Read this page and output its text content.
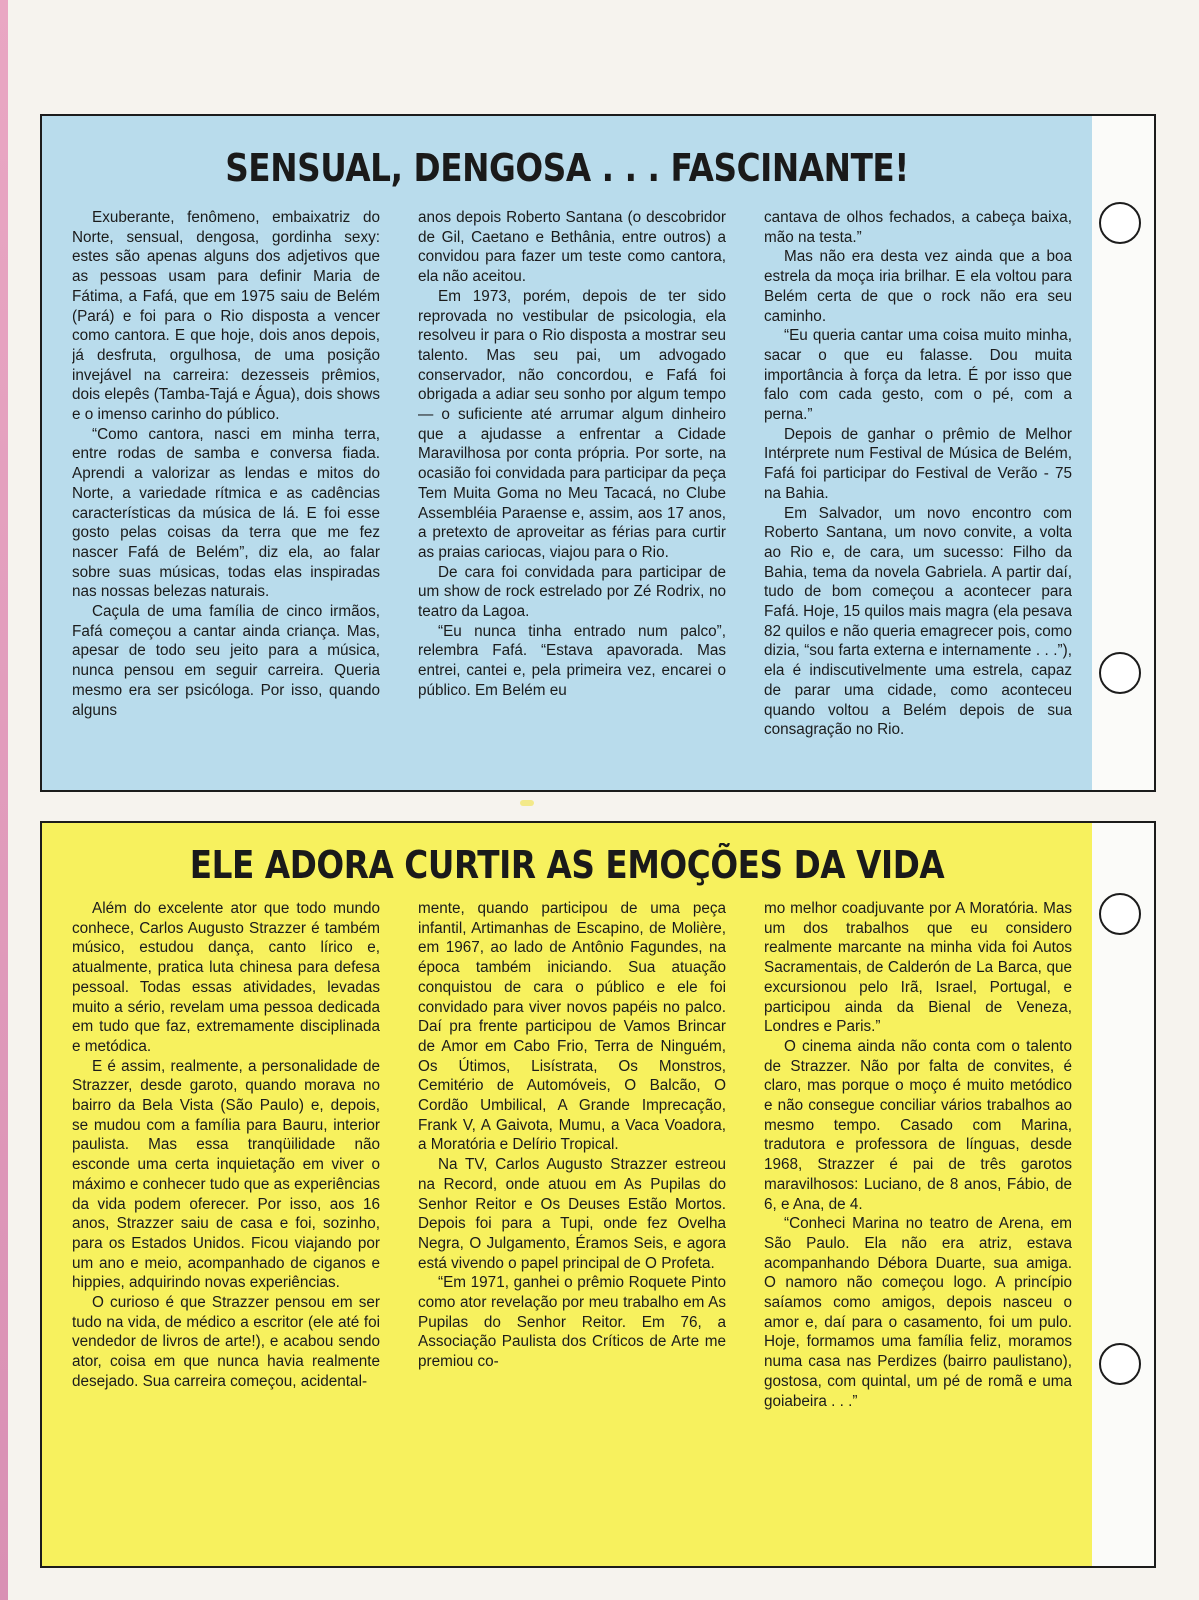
SENSUAL, DENGOSA . . . FASCINANTE!

Exuberante, fenômeno, embaixatriz do Norte, sensual, dengosa, gordinha sexy: estes são apenas alguns dos adjetivos que as pessoas usam para definir Maria de Fátima, a Fafá, que em 1975 saiu de Belém (Pará) e foi para o Rio disposta a vencer como cantora. E que hoje, dois anos depois, já desfruta, orgulhosa, de uma posição invejável na carreira: dezesseis prêmios, dois elepês (Tamba-Tajá e Água), dois shows e o imenso carinho do público.

“Como cantora, nasci em minha terra, entre rodas de samba e conversa fiada. Aprendi a valorizar as lendas e mitos do Norte, a variedade rítmica e as cadências características da música de lá. E foi esse gosto pelas coisas da terra que me fez nascer Fafá de Belém”, diz ela, ao falar sobre suas músicas, todas elas inspiradas nas nossas belezas naturais.

Caçula de uma família de cinco irmãos, Fafá começou a cantar ainda criança. Mas, apesar de todo seu jeito para a música, nunca pensou em seguir carreira. Queria mesmo era ser psicóloga. Por isso, quando alguns

anos depois Roberto Santana (o descobridor de Gil, Caetano e Bethânia, entre outros) a convidou para fazer um teste como cantora, ela não aceitou.

Em 1973, porém, depois de ter sido reprovada no vestibular de psicologia, ela resolveu ir para o Rio disposta a mostrar seu talento. Mas seu pai, um advogado conservador, não concordou, e Fafá foi obrigada a adiar seu sonho por algum tempo — o suficiente até arrumar algum dinheiro que a ajudasse a enfrentar a Cidade Maravilhosa por conta própria. Por sorte, na ocasião foi convidada para participar da peça Tem Muita Goma no Meu Tacacá, no Clube Assembléia Paraense e, assim, aos 17 anos, a pretexto de aproveitar as férias para curtir as praias cariocas, viajou para o Rio.

De cara foi convidada para participar de um show de rock estrelado por Zé Rodrix, no teatro da Lagoa.

“Eu nunca tinha entrado num palco”, relembra Fafá. “Estava apavorada. Mas entrei, cantei e, pela primeira vez, encarei o público. Em Belém eu

cantava de olhos fechados, a cabeça baixa, mão na testa.”

Mas não era desta vez ainda que a boa estrela da moça iria brilhar. E ela voltou para Belém certa de que o rock não era seu caminho.

“Eu queria cantar uma coisa muito minha, sacar o que eu falasse. Dou muita importância à força da letra. É por isso que falo com cada gesto, com o pé, com a perna.”

Depois de ganhar o prêmio de Melhor Intérprete num Festival de Música de Belém, Fafá foi participar do Festival de Verão - 75 na Bahia.

Em Salvador, um novo encontro com Roberto Santana, um novo convite, a volta ao Rio e, de cara, um sucesso: Filho da Bahia, tema da novela Gabriela. A partir daí, tudo de bom começou a acontecer para Fafá. Hoje, 15 quilos mais magra (ela pesava 82 quilos e não queria emagrecer pois, como dizia, “sou farta externa e internamente . . .”), ela é indiscutivelmente uma estrela, capaz de parar uma cidade, como aconteceu quando voltou a Belém depois de sua consagração no Rio.

ELE ADORA CURTIR AS EMOÇÕES DA VIDA

Além do excelente ator que todo mundo conhece, Carlos Augusto Strazzer é também músico, estudou dança, canto lírico e, atualmente, pratica luta chinesa para defesa pessoal. Todas essas atividades, levadas muito a sério, revelam uma pessoa dedicada em tudo que faz, extremamente disciplinada e metódica.

E é assim, realmente, a personalidade de Strazzer, desde garoto, quando morava no bairro da Bela Vista (São Paulo) e, depois, se mudou com a família para Bauru, interior paulista. Mas essa tranqüilidade não esconde uma certa inquietação em viver o máximo e conhecer tudo que as experiências da vida podem oferecer. Por isso, aos 16 anos, Strazzer saiu de casa e foi, sozinho, para os Estados Unidos. Ficou viajando por um ano e meio, acompanhado de ciganos e hippies, adquirindo novas experiências.

O curioso é que Strazzer pensou em ser tudo na vida, de médico a escritor (ele até foi vendedor de livros de arte!), e acabou sendo ator, coisa em que nunca havia realmente desejado. Sua carreira começou, acidental-

mente, quando participou de uma peça infantil, Artimanhas de Escapino, de Molière, em 1967, ao lado de Antônio Fagundes, na época também iniciando. Sua atuação conquistou de cara o público e ele foi convidado para viver novos papéis no palco. Daí pra frente participou de Vamos Brincar de Amor em Cabo Frio, Terra de Ninguém, Os Útimos, Lisístrata, Os Monstros, Cemitério de Automóveis, O Balcão, O Cordão Umbilical, A Grande Imprecação, Frank V, A Gaivota, Mumu, a Vaca Voadora, a Moratória e Delírio Tropical.

Na TV, Carlos Augusto Strazzer estreou na Record, onde atuou em As Pupilas do Senhor Reitor e Os Deuses Estão Mortos. Depois foi para a Tupi, onde fez Ovelha Negra, O Julgamento, Éramos Seis, e agora está vivendo o papel principal de O Profeta.

“Em 1971, ganhei o prêmio Roquete Pinto como ator revelação por meu trabalho em As Pupilas do Senhor Reitor. Em 76, a Associação Paulista dos Críticos de Arte me premiou co-

mo melhor coadjuvante por A Moratória. Mas um dos trabalhos que eu considero realmente marcante na minha vida foi Autos Sacramentais, de Calderón de La Barca, que excursionou pelo Irã, Israel, Portugal, e participou ainda da Bienal de Veneza, Londres e Paris.”

O cinema ainda não conta com o talento de Strazzer. Não por falta de convites, é claro, mas porque o moço é muito metódico e não consegue conciliar vários trabalhos ao mesmo tempo. Casado com Marina, tradutora e professora de línguas, desde 1968, Strazzer é pai de três garotos maravilhosos: Luciano, de 8 anos, Fábio, de 6, e Ana, de 4.

“Conheci Marina no teatro de Arena, em São Paulo. Ela não era atriz, estava acompanhando Débora Duarte, sua amiga. O namoro não começou logo. A princípio saíamos como amigos, depois nasceu o amor e, daí para o casamento, foi um pulo. Hoje, formamos uma família feliz, moramos numa casa nas Perdizes (bairro paulistano), gostosa, com quintal, um pé de romã e uma goiabeira . . .”
